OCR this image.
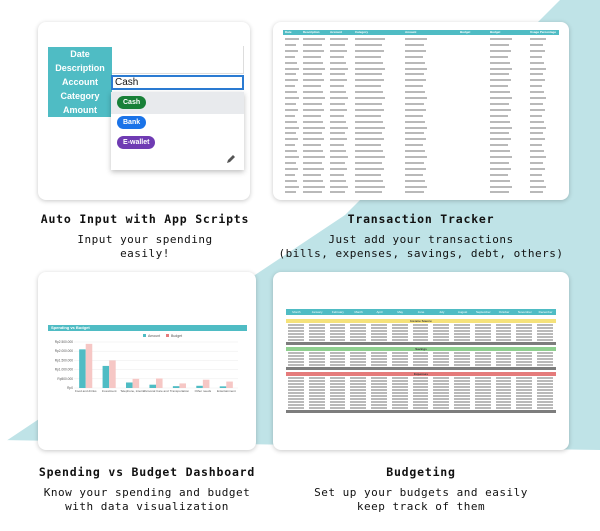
Date
Description
Account
Category
Amount
Cash
Cash
Bank
E-wallet
Auto Input with App Scripts
Input your spending
easily!
Date	Description	Account	Category	Amount	Budget	Budget	Usage Percentage
Transaction Tracker
Just add your transactions
(bills, expenses, savings, debt, others)
Spending vs Budget
Amount	Budget
Rp2.500.000
Rp2.000.000
Rp1.500.000
Rp1.000.000
Rp500.000
Rp0
Food and drinks Investment Telephone, interne
Personal Care and Transportation Other needs Entertainment
Spending vs Budget Dashboard
Know your spending and budget
with data visualization
Month	January	February	March	April	May	June	July	August	September	October	November	December
Income Source
Savings
Expenses
Budgeting
Set up your budgets and easily
keep track of them
